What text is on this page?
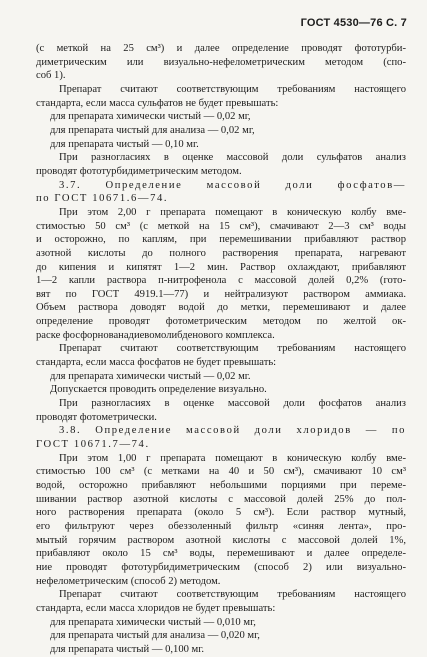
ГОСТ 4530—76 С. 7

(с меткой на 25 см³) и далее определение проводят фототурби-

диметрическим или визуально-нефелометрическим методом (спо-

соб 1).

Препарат считают соответствующим требованиям настоящего

стандарта, если масса сульфатов не будет превышать:

для препарата химически чистый — 0,02 мг,

для препарата чистый для анализа — 0,02 мг,

для препарата чистый — 0,10 мг.

При разногласиях в оценке массовой доли сульфатов анализ

проводят фототурбидиметрическим методом.

3.7. Определение массовой доли фосфатов—

по ГОСТ 10671.6—74.

При этом 2,00 г препарата помещают в коническую колбу вме-

стимостью 50 см³ (с меткой на 15 см³), смачивают 2—3 см³ воды

и осторожно, по каплям, при перемешивании прибавляют раствор

азотной кислоты до полного растворения препарата, нагревают

до кипения и кипятят 1—2 мин. Раствор охлаждают, прибавляют

1—2 капли раствора п-нитрофенола с массовой долей 0,2% (гото-

вят по ГОСТ 4919.1—77) и нейтрализуют раствором аммиака.

Объем раствора доводят водой до метки, перемешивают и далее

определение проводят фотометрическим методом по желтой ок-

раске фосфорнованадиевомолибденового комплекса.

Препарат считают соответствующим требованиям настоящего

стандарта, если масса фосфатов не будет превышать:

для препарата химически чистый — 0,02 мг.

Допускается проводить определение визуально.

При разногласиях в оценке массовой доли фосфатов анализ

проводят фотометрически.

3.8. Определение массовой доли хлоридов — по

ГОСТ 10671.7—74.

При этом 1,00 г препарата помещают в коническую колбу вме-

стимостью 100 см³ (с метками на 40 и 50 см³), смачивают 10 см³

водой, осторожно прибавляют небольшими порциями при переме-

шивании раствор азотной кислоты с массовой долей 25% до пол-

ного растворения препарата (около 5 см³). Если раствор мутный,

его фильтруют через обеззоленный фильтр «синяя лента», про-

мытый горячим раствором азотной кислоты с массовой долей 1%,

прибавляют около 15 см³ воды, перемешивают и далее определе-

ние проводят фототурбидиметрическим (способ 2) или визуально-

нефелометрическим (способ 2) методом.

Препарат считают соответствующим требованиям настоящего

стандарта, если масса хлоридов не будет превышать:

для препарата химически чистый — 0,010 мг,

для препарата чистый для анализа — 0,020 мг,

для препарата чистый — 0,100 мг.
